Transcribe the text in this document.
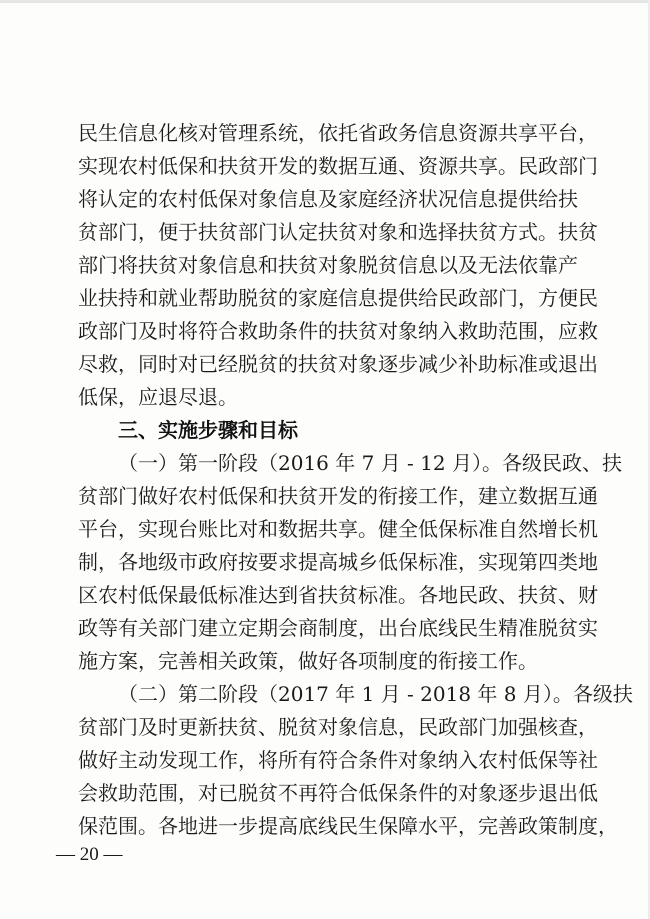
民生信息化核对管理系统，依托省政务信息资源共享平台，
实现农村低保和扶贫开发的数据互通、资源共享。民政部门
将认定的农村低保对象信息及家庭经济状况信息提供给扶
贫部门，便于扶贫部门认定扶贫对象和选择扶贫方式。扶贫
部门将扶贫对象信息和扶贫对象脱贫信息以及无法依靠产
业扶持和就业帮助脱贫的家庭信息提供给民政部门，方便民
政部门及时将符合救助条件的扶贫对象纳入救助范围，应救
尽救，同时对已经脱贫的扶贫对象逐步减少补助标准或退出
低保，应退尽退。
三、实施步骤和目标
（一）第一阶段（2016 年 7 月 - 12 月）。各级民政、扶
贫部门做好农村低保和扶贫开发的衔接工作，建立数据互通
平台，实现台账比对和数据共享。健全低保标准自然增长机
制，各地级市政府按要求提高城乡低保标准，实现第四类地
区农村低保最低标准达到省扶贫标准。各地民政、扶贫、财
政等有关部门建立定期会商制度，出台底线民生精准脱贫实
施方案，完善相关政策，做好各项制度的衔接工作。
（二）第二阶段（2017 年 1 月 - 2018 年 8 月）。各级扶
贫部门及时更新扶贫、脱贫对象信息，民政部门加强核查，
做好主动发现工作，将所有符合条件对象纳入农村低保等社
会救助范围，对已脱贫不再符合低保条件的对象逐步退出低
保范围。各地进一步提高底线民生保障水平，完善政策制度，
— 20 —
